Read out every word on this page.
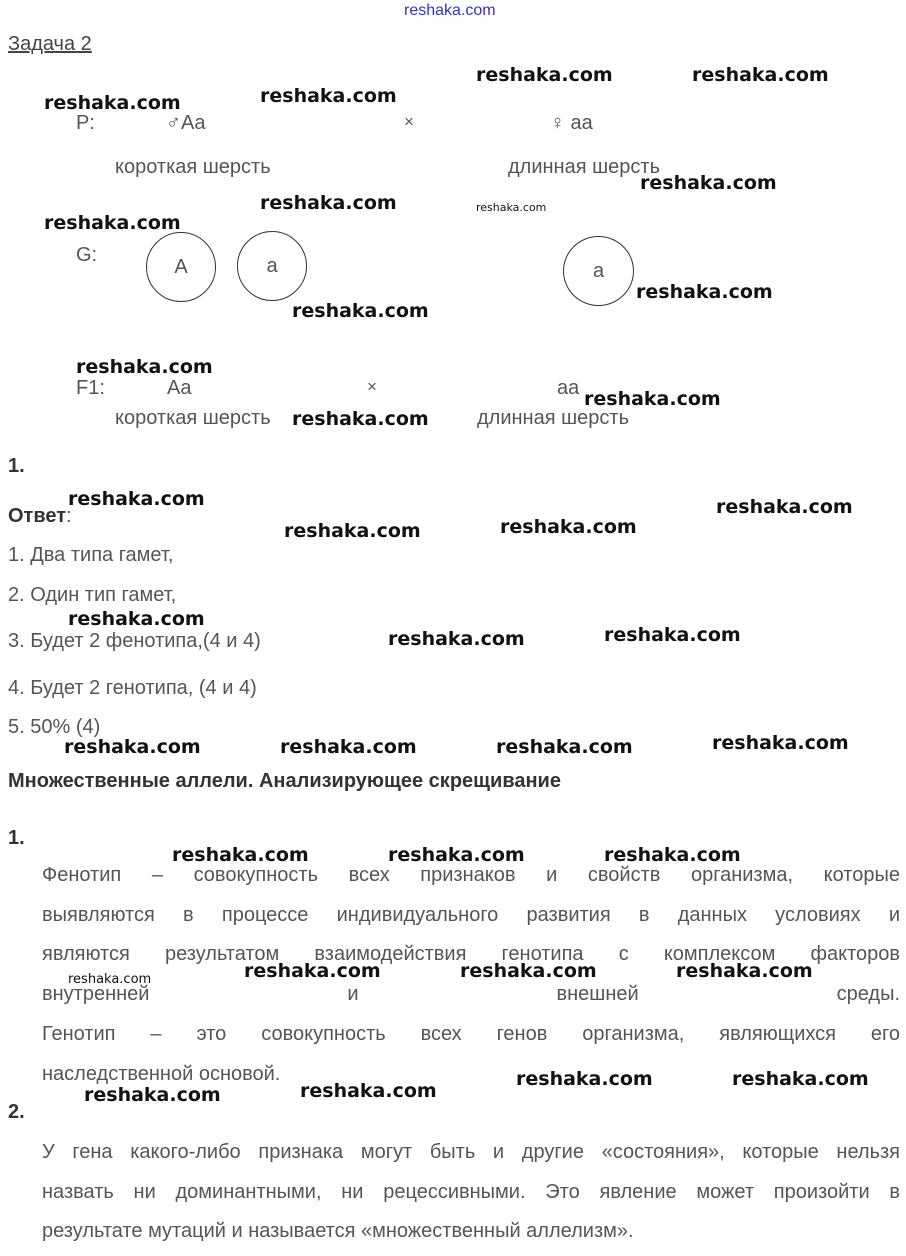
reshaka.com
Задача 2
P:	♂Aa	×	♀ aa
короткая шерсть	длинная шерсть
G:
A	a	a
F1:	Aa	×	aa
короткая шерсть	длинная шерсть
1.
Ответ:
1. Два типа гамет,
2. Один тип гамет,
3. Будет 2 фенотипа,(4 и 4)
4. Будет 2 генотипа, (4 и 4)
5. 50% (4)
Множественные аллели. Анализирующее скрещивание
1.
Фенотип – совокупность всех признаков и свойств организма, которые
выявляются в процессе индивидуального развития в данных условиях и
являются результатом взаимодействия генотипа с комплексом факторов
внутренней и внешней среды.
Генотип – это совокупность всех генов организма, являющихся его
наследственной основой.
2.
У гена какого-либо признака могут быть и другие «состояния», которые нельзя
назвать ни доминантными, ни рецессивными. Это явление может произойти в
результате мутаций и называется «множественный аллелизм».
reshaka.com	reshaka.com
reshaka.com	reshaka.com
reshaka.com
reshaka.com
reshaka.com	reshaka.com
reshaka.com
reshaka.com
reshaka.com
reshaka.com
reshaka.com
reshaka.com	reshaka.com
reshaka.com
reshaka.com
reshaka.com
reshaka.com
reshaka.com
reshaka.com
reshaka.com	reshaka.com	reshaka.com
reshaka.com	reshaka.com	reshaka.com
reshaka.com	reshaka.com	reshaka.com
reshaka.com
reshaka.com	reshaka.com
reshaka.com
reshaka.com
